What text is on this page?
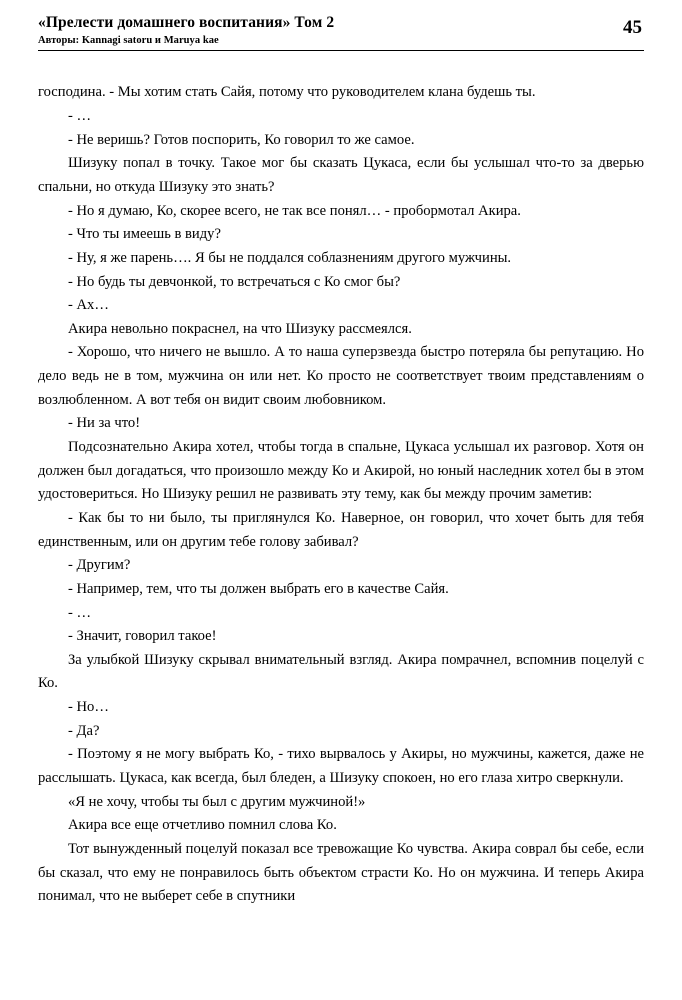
«Прелести домашнего воспитания» Том 2
Авторы: Kannagi satoru и Maruya kae
45

господина. - Мы хотим стать Сайя, потому что руководителем клана будешь ты.

- …

- Не веришь? Готов поспорить, Ко говорил то же самое.

Шизуку попал в точку. Такое мог бы сказать Цукаса, если бы услышал что-то за дверью спальни, но откуда Шизуку это знать?

- Но я думаю, Ко, скорее всего, не так все понял… - пробормотал Акира.

- Что ты имеешь в виду?

- Ну, я же парень…. Я бы не поддался соблазнениям другого мужчины.

- Но будь ты девчонкой, то встречаться с Ко смог бы?

- Ах…

Акира невольно покраснел, на что Шизуку рассмеялся.

- Хорошо, что ничего не вышло. А то наша суперзвезда быстро потеряла бы репутацию. Но дело ведь не в том, мужчина он или нет. Ко просто не соответствует твоим представлениям о возлюбленном. А вот тебя он видит своим любовником.

- Ни за что!

Подсознательно Акира хотел, чтобы тогда в спальне, Цукаса услышал их разговор. Хотя он должен был догадаться, что произошло между Ко и Акирой, но юный наследник хотел бы в этом удостовериться. Но Шизуку решил не развивать эту тему, как бы между прочим заметив:

- Как бы то ни было, ты приглянулся Ко. Наверное, он говорил, что хочет быть для тебя единственным, или он другим тебе голову забивал?

- Другим?

- Например, тем, что ты должен выбрать его в качестве Сайя.

- …

- Значит, говорил такое!

За улыбкой Шизуку скрывал внимательный взгляд. Акира помрачнел, вспомнив поцелуй с Ко.

- Но…

- Да?

- Поэтому я не могу выбрать Ко, - тихо вырвалось у Акиры, но мужчины, кажется, даже не расслышать. Цукаса, как всегда, был бледен, а Шизуку спокоен, но его глаза хитро сверкнули.

«Я не хочу, чтобы ты был с другим мужчиной!»

Акира все еще отчетливо помнил слова Ко.

Тот вынужденный поцелуй показал все тревожащие Ко чувства. Акира соврал бы себе, если бы сказал, что ему не понравилось быть объектом страсти Ко. Но он мужчина. И теперь Акира понимал, что не выберет себе в спутники
